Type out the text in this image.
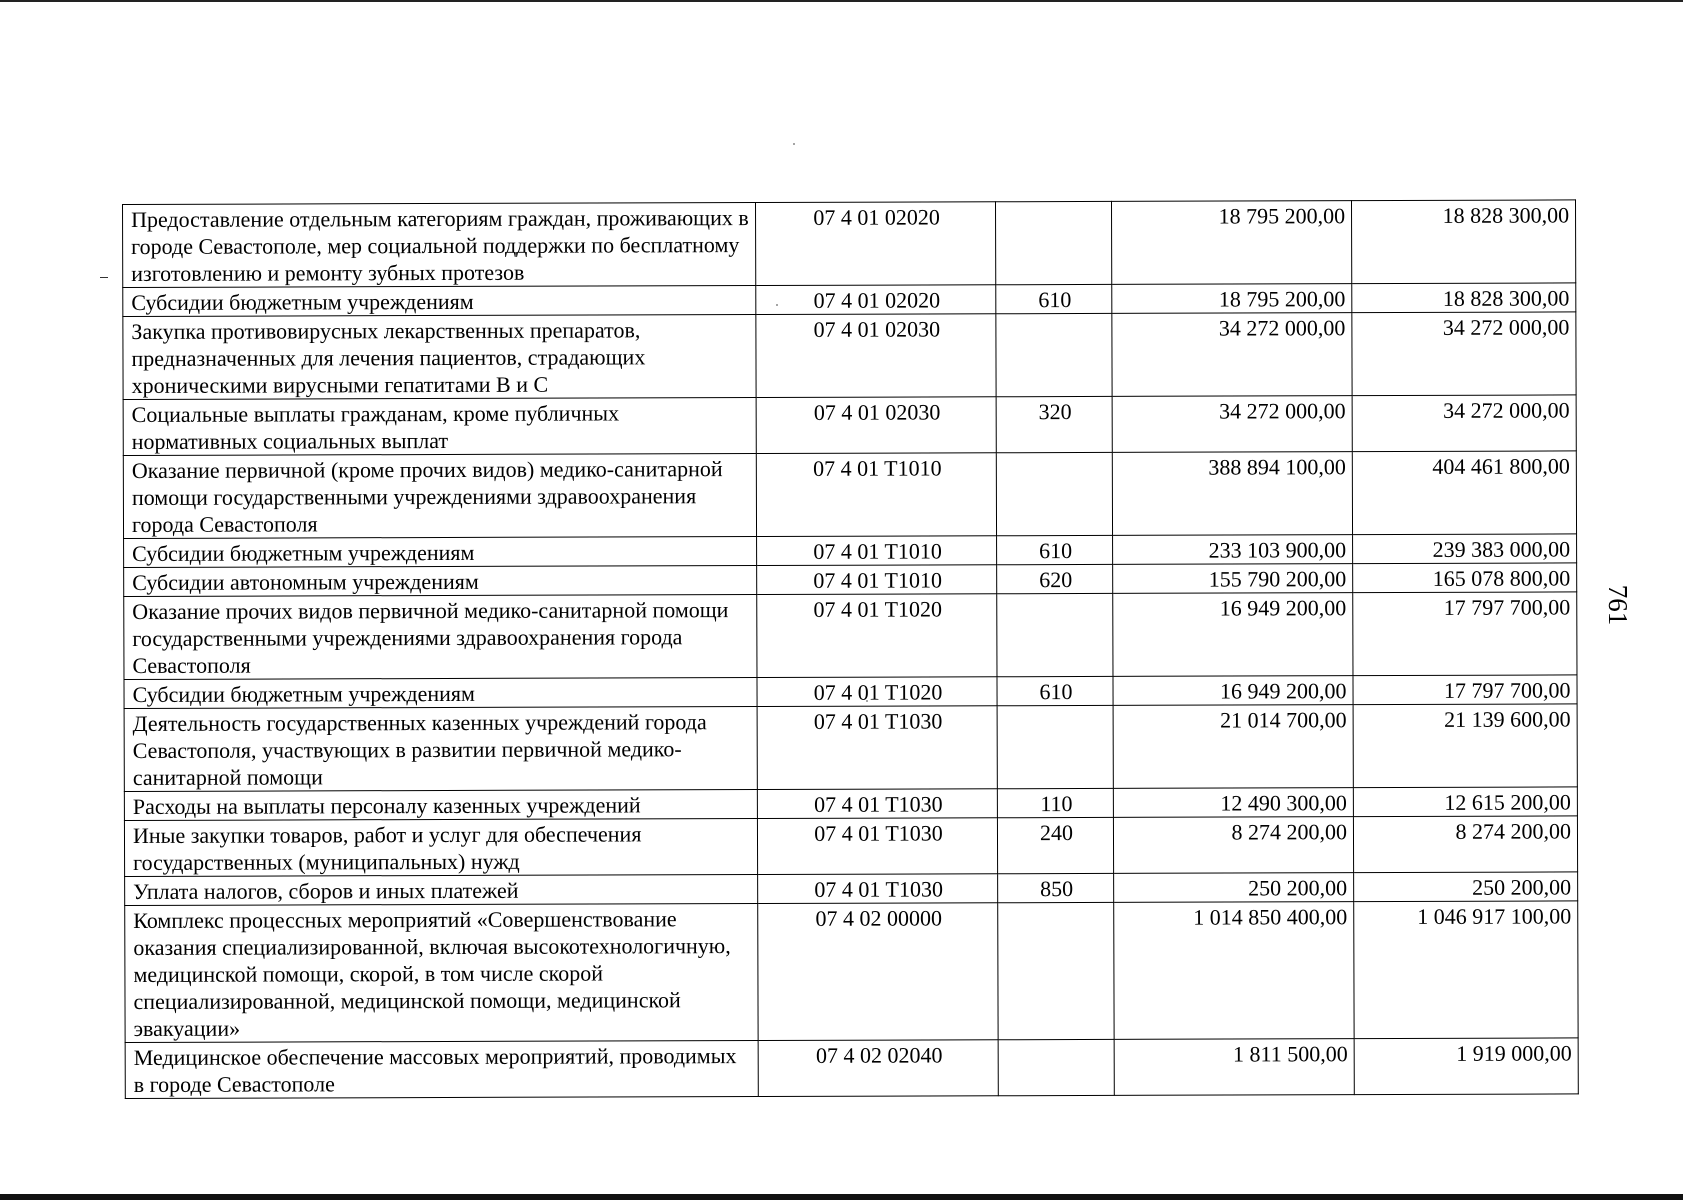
Предоставление отдельным категориям граждан, проживающих в городе Севастополе, мер социальной поддержки по бесплатному изготовлению и ремонту зубных протезов	07 4 01 02020		18 795 200,00	18 828 300,00
Субсидии бюджетным учреждениям	07 4 01 02020	610	18 795 200,00	18 828 300,00
Закупка противовирусных лекарственных препаратов, предназначенных для лечения пациентов, страдающих хроническими вирусными гепатитами В и С	07 4 01 02030		34 272 000,00	34 272 000,00
Социальные выплаты гражданам, кроме публичных нормативных социальных выплат	07 4 01 02030	320	34 272 000,00	34 272 000,00
Оказание первичной (кроме прочих видов) медико-санитарной помощи государственными учреждениями здравоохранения города Севастополя	07 4 01 T1010		388 894 100,00	404 461 800,00
Субсидии бюджетным учреждениям	07 4 01 T1010	610	233 103 900,00	239 383 000,00
Субсидии автономным учреждениям	07 4 01 T1010	620	155 790 200,00	165 078 800,00
Оказание прочих видов первичной медико-санитарной помощи государственными учреждениями здравоохранения города Севастополя	07 4 01 T1020		16 949 200,00	17 797 700,00
Субсидии бюджетным учреждениям	07 4 01 T1020	610	16 949 200,00	17 797 700,00
Деятельность государственных казенных учреждений города Севастополя, участвующих в развитии первичной медико-санитарной помощи	07 4 01 T1030		21 014 700,00	21 139 600,00
Расходы на выплаты персоналу казенных учреждений	07 4 01 T1030	110	12 490 300,00	12 615 200,00
Иные закупки товаров, работ и услуг для обеспечения государственных (муниципальных) нужд	07 4 01 T1030	240	8 274 200,00	8 274 200,00
Уплата налогов, сборов и иных платежей	07 4 01 T1030	850	250 200,00	250 200,00
Комплекс процессных мероприятий «Совершенствование оказания специализированной, включая высокотехнологичную, медицинской помощи, скорой, в том числе скорой специализированной, медицинской помощи, медицинской эвакуации»	07 4 02 00000		1 014 850 400,00	1 046 917 100,00
Медицинское обеспечение массовых мероприятий, проводимых в городе Севастополе	07 4 02 02040		1 811 500,00	1 919 000,00
761
